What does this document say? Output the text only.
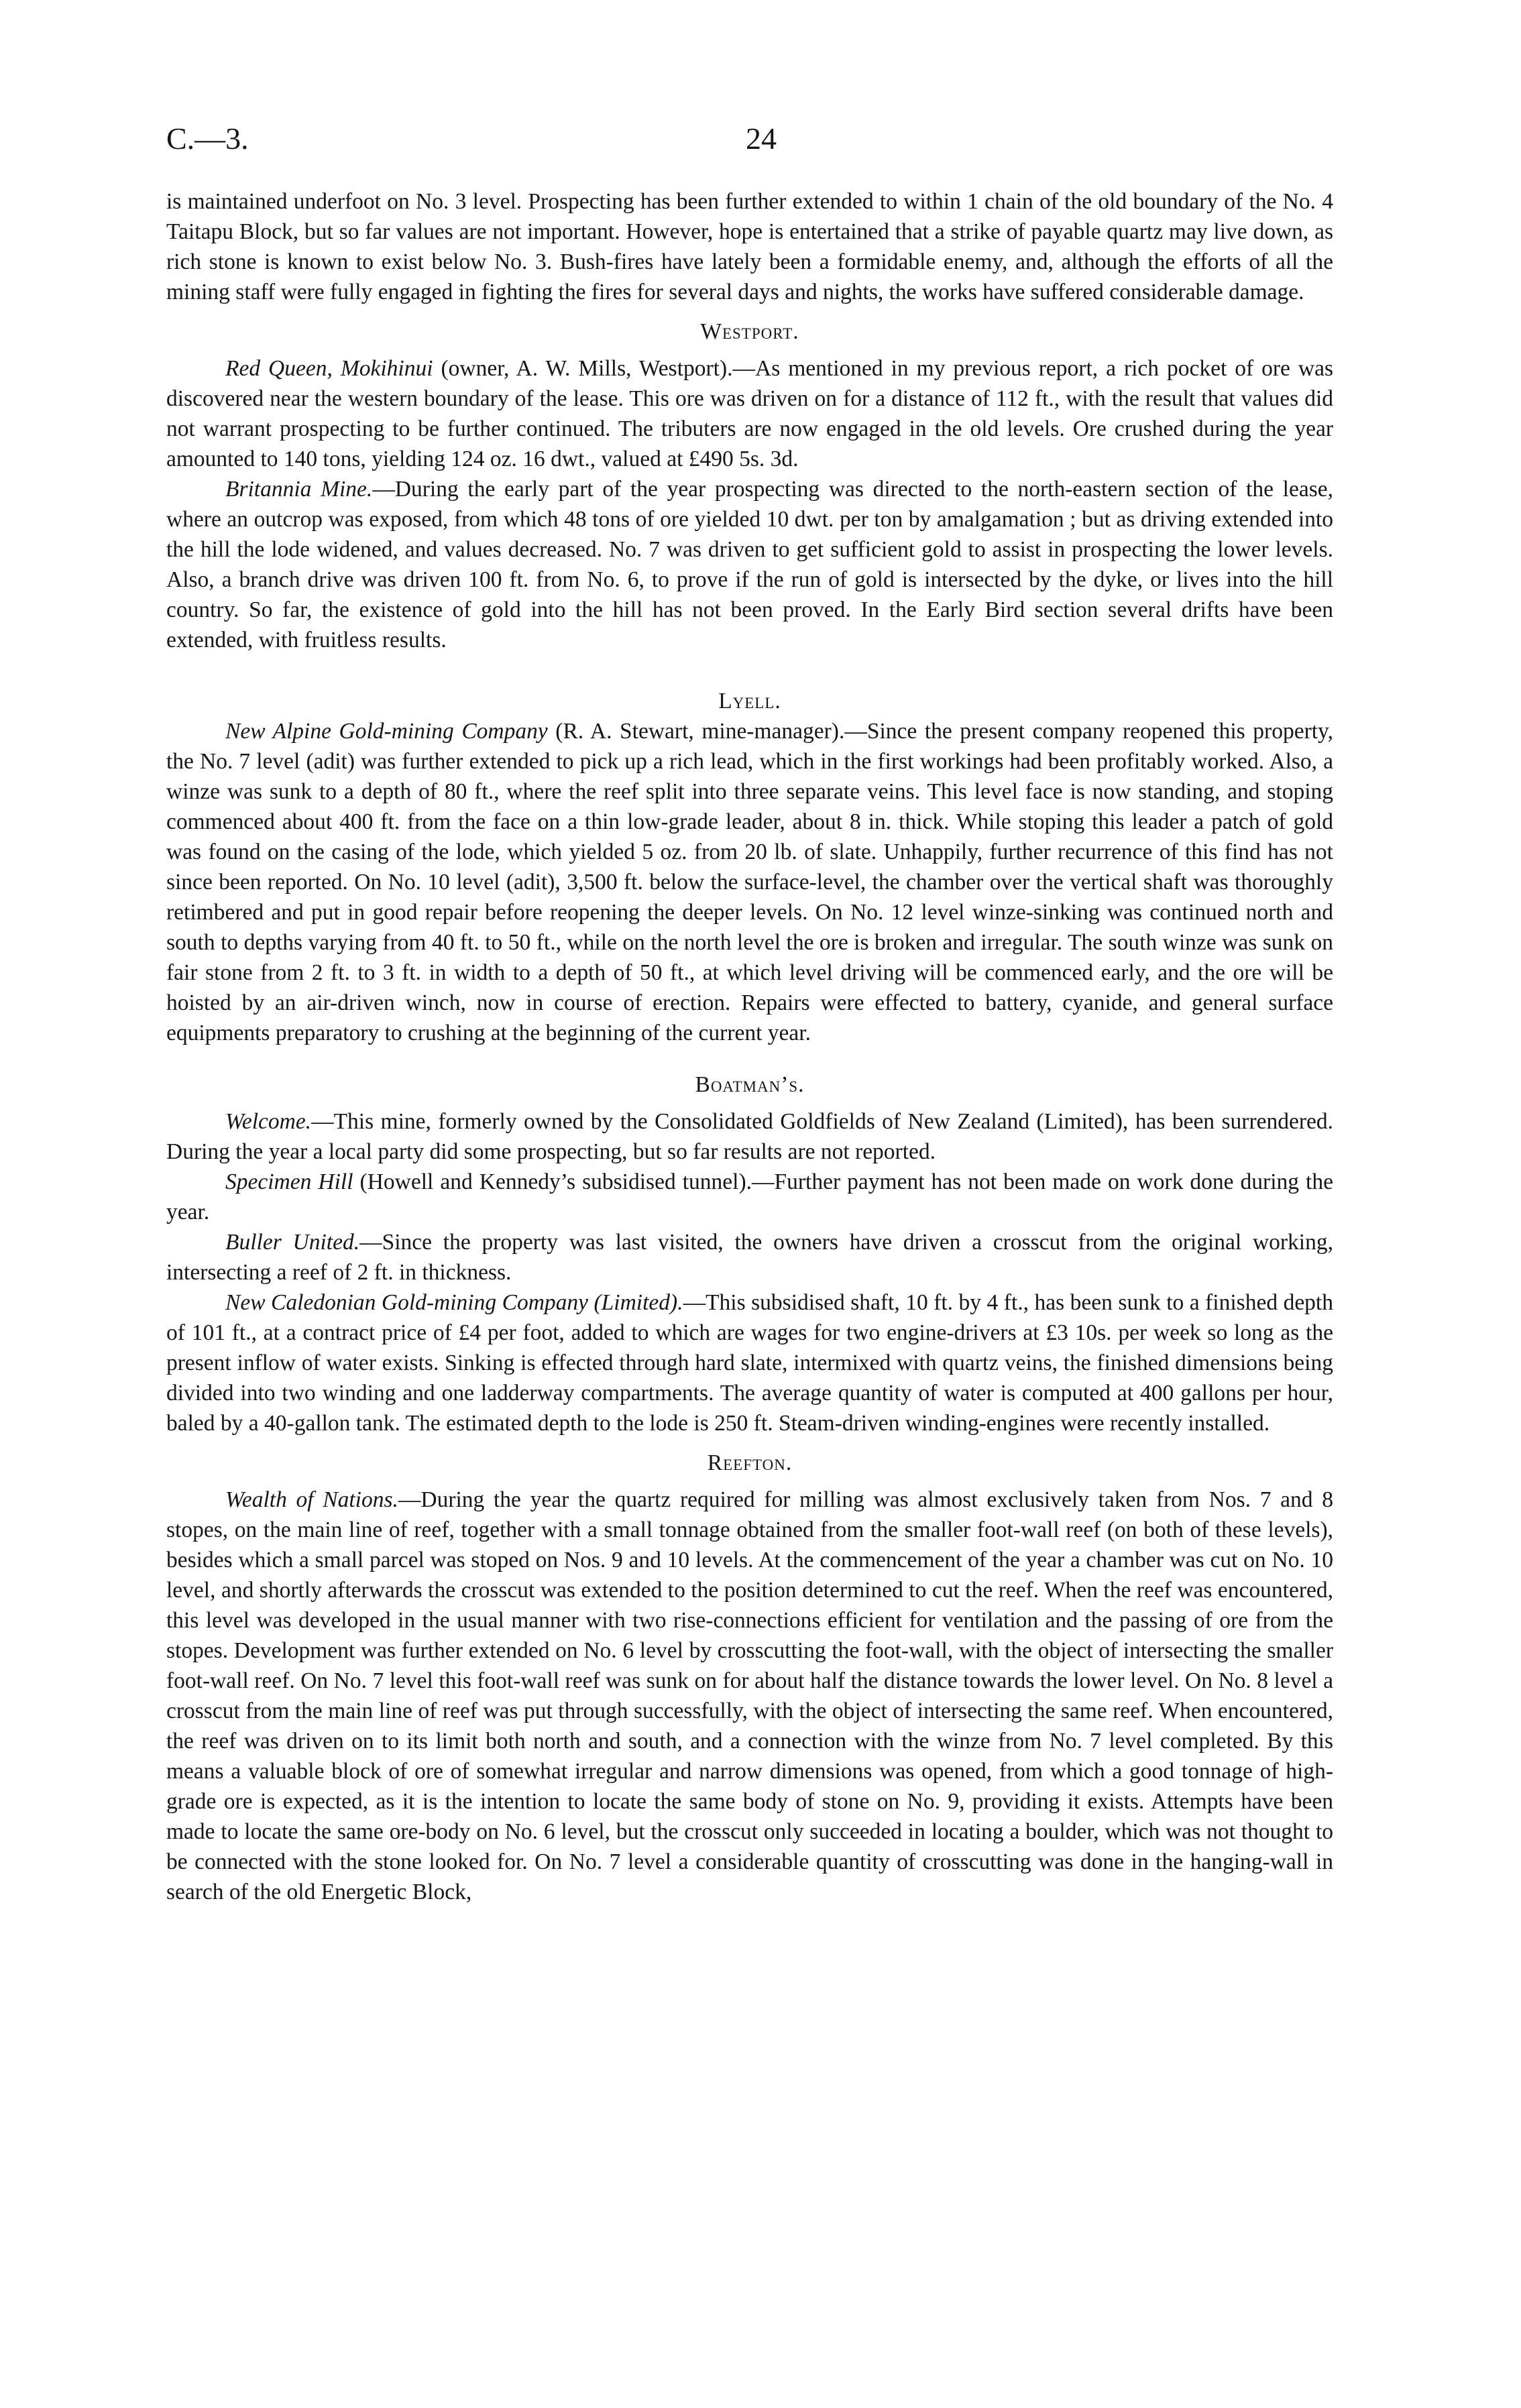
C.—3.	24

is maintained underfoot on No. 3 level. Prospecting has been further extended to within 1 chain of the old boundary of the No. 4 Taitapu Block, but so far values are not important. However, hope is entertained that a strike of payable quartz may live down, as rich stone is known to exist below No. 3. Bush-fires have lately been a formidable enemy, and, although the efforts of all the mining staff were fully engaged in fighting the fires for several days and nights, the works have suffered considerable damage.

Westport.

Red Queen, Mokihinui (owner, A. W. Mills, Westport).—As mentioned in my previous report, a rich pocket of ore was discovered near the western boundary of the lease. This ore was driven on for a distance of 112 ft., with the result that values did not warrant prospecting to be further continued. The tributers are now engaged in the old levels. Ore crushed during the year amounted to 140 tons, yielding 124 oz. 16 dwt., valued at £490 5s. 3d.

Britannia Mine.—During the early part of the year prospecting was directed to the north-eastern section of the lease, where an outcrop was exposed, from which 48 tons of ore yielded 10 dwt. per ton by amalgamation ; but as driving extended into the hill the lode widened, and values decreased. No. 7 was driven to get sufficient gold to assist in prospecting the lower levels. Also, a branch drive was driven 100 ft. from No. 6, to prove if the run of gold is intersected by the dyke, or lives into the hill country. So far, the existence of gold into the hill has not been proved. In the Early Bird section several drifts have been extended, with fruitless results.

Lyell.

New Alpine Gold-mining Company (R. A. Stewart, mine-manager).—Since the present company reopened this property, the No. 7 level (adit) was further extended to pick up a rich lead, which in the first workings had been profitably worked. Also, a winze was sunk to a depth of 80 ft., where the reef split into three separate veins. This level face is now standing, and stoping commenced about 400 ft. from the face on a thin low-grade leader, about 8 in. thick. While stoping this leader a patch of gold was found on the casing of the lode, which yielded 5 oz. from 20 lb. of slate. Unhappily, further recurrence of this find has not since been reported. On No. 10 level (adit), 3,500 ft. below the surface-level, the chamber over the vertical shaft was thoroughly retimbered and put in good repair before reopening the deeper levels. On No. 12 level winze-sinking was continued north and south to depths varying from 40 ft. to 50 ft., while on the north level the ore is broken and irregular. The south winze was sunk on fair stone from 2 ft. to 3 ft. in width to a depth of 50 ft., at which level driving will be commenced early, and the ore will be hoisted by an air-driven winch, now in course of erection. Repairs were effected to battery, cyanide, and general surface equipments preparatory to crushing at the beginning of the current year.

Boatman’s.

Welcome.—This mine, formerly owned by the Consolidated Goldfields of New Zealand (Limited), has been surrendered. During the year a local party did some prospecting, but so far results are not reported.

Specimen Hill (Howell and Kennedy’s subsidised tunnel).—Further payment has not been made on work done during the year.

Buller United.—Since the property was last visited, the owners have driven a crosscut from the original working, intersecting a reef of 2 ft. in thickness.

New Caledonian Gold-mining Company (Limited).—This subsidised shaft, 10 ft. by 4 ft., has been sunk to a finished depth of 101 ft., at a contract price of £4 per foot, added to which are wages for two engine-drivers at £3 10s. per week so long as the present inflow of water exists. Sinking is effected through hard slate, intermixed with quartz veins, the finished dimensions being divided into two winding and one ladderway compartments. The average quantity of water is computed at 400 gallons per hour, baled by a 40-gallon tank. The estimated depth to the lode is 250 ft. Steam-driven winding-engines were recently installed.

Reefton.

Wealth of Nations.—During the year the quartz required for milling was almost exclusively taken from Nos. 7 and 8 stopes, on the main line of reef, together with a small tonnage obtained from the smaller foot-wall reef (on both of these levels), besides which a small parcel was stoped on Nos. 9 and 10 levels. At the commencement of the year a chamber was cut on No. 10 level, and shortly afterwards the crosscut was extended to the position determined to cut the reef. When the reef was encountered, this level was developed in the usual manner with two rise-connections efficient for ventilation and the passing of ore from the stopes. Development was further extended on No. 6 level by crosscutting the foot-wall, with the object of intersecting the smaller foot-wall reef. On No. 7 level this foot-wall reef was sunk on for about half the distance towards the lower level. On No. 8 level a crosscut from the main line of reef was put through successfully, with the object of intersecting the same reef. When encountered, the reef was driven on to its limit both north and south, and a connection with the winze from No. 7 level completed. By this means a valuable block of ore of somewhat irregular and narrow dimensions was opened, from which a good tonnage of high-grade ore is expected, as it is the intention to locate the same body of stone on No. 9, providing it exists. Attempts have been made to locate the same ore-body on No. 6 level, but the crosscut only succeeded in locating a boulder, which was not thought to be connected with the stone looked for. On No. 7 level a considerable quantity of crosscutting was done in the hanging-wall in search of the old Energetic Block,
